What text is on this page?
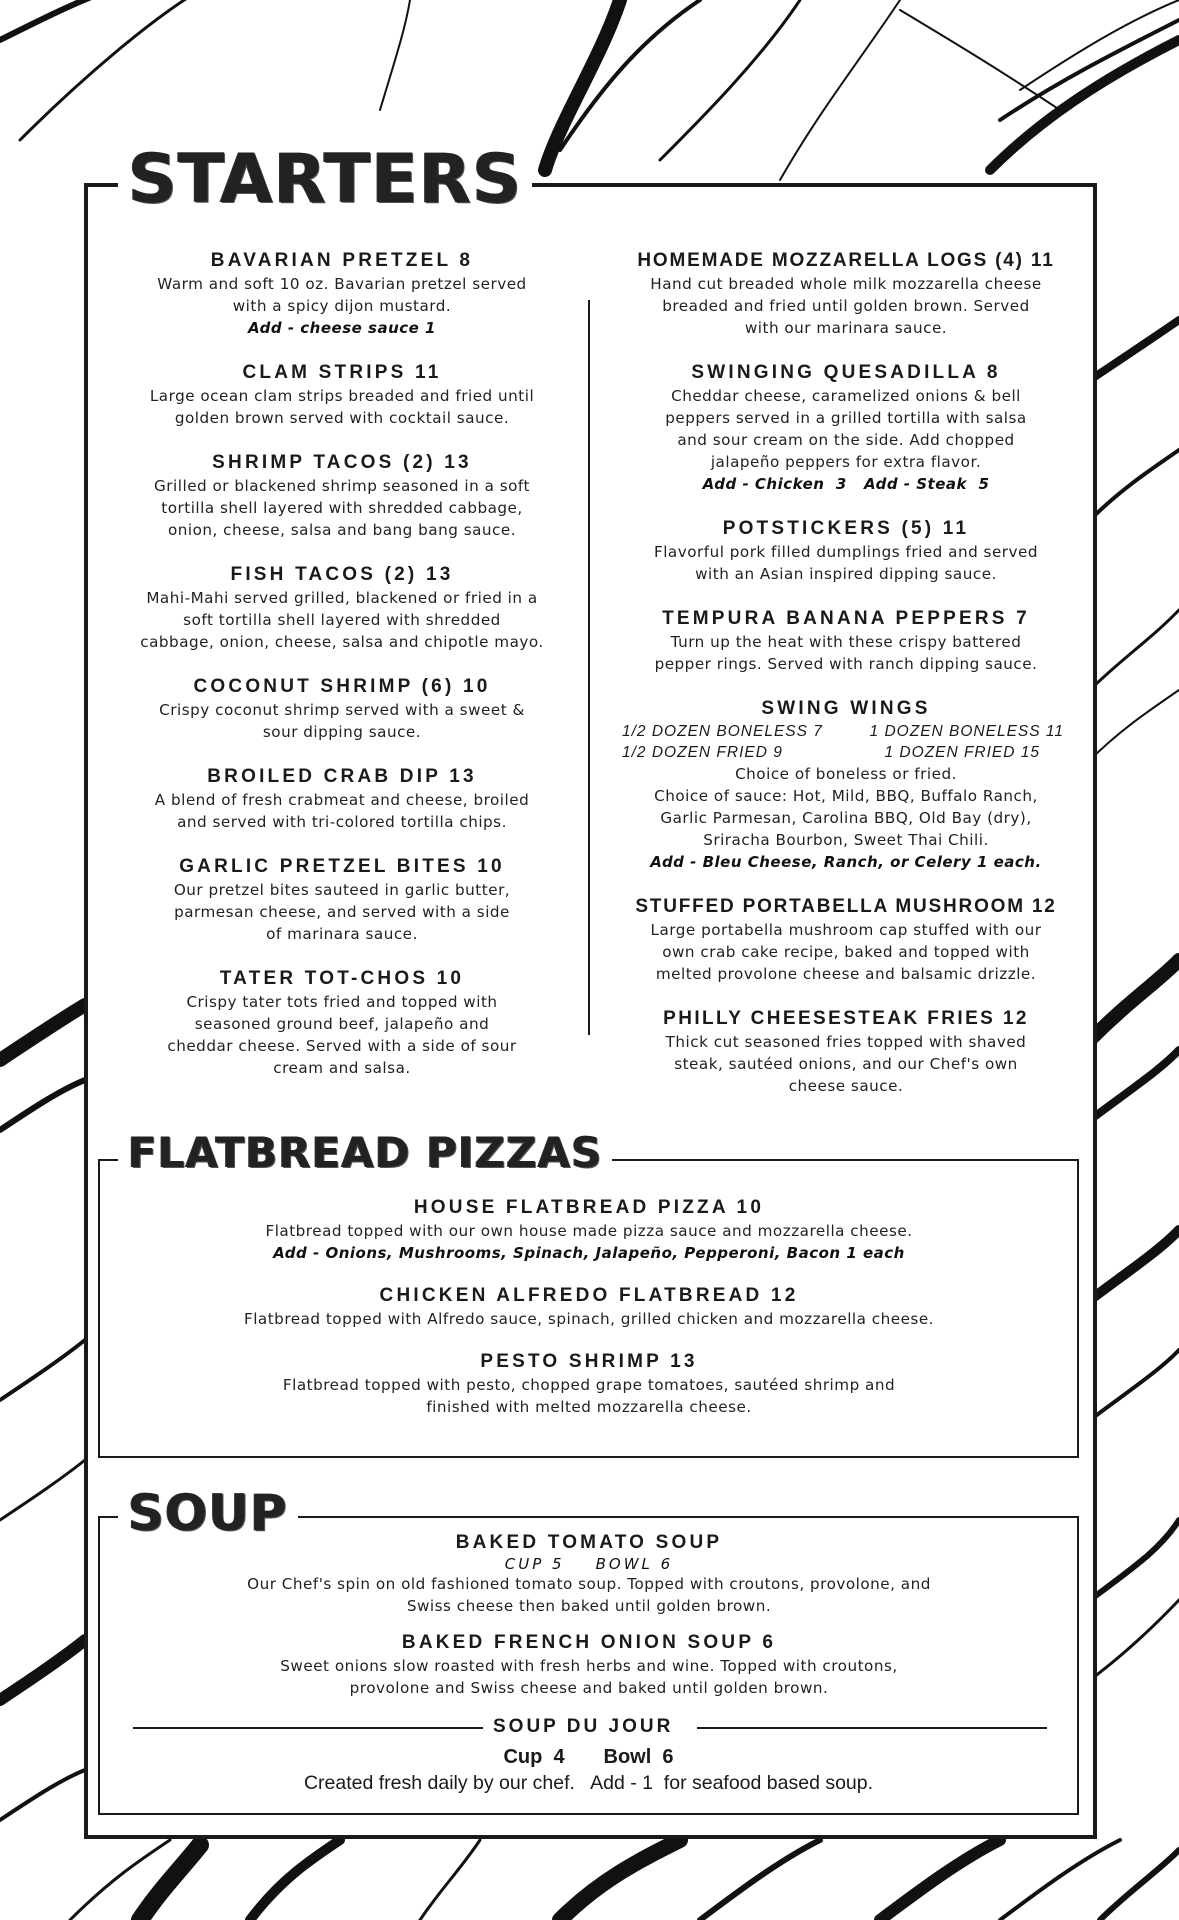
STARTERS
BAVARIAN PRETZEL 8
Warm and soft 10 oz. Bavarian pretzel served
with a spicy dijon mustard.
Add - cheese sauce 1
CLAM STRIPS 11
Large ocean clam strips breaded and fried until
golden brown served with cocktail sauce.
SHRIMP TACOS (2) 13
Grilled or blackened shrimp seasoned in a soft
tortilla shell layered with shredded cabbage,
onion, cheese, salsa and bang bang sauce.
FISH TACOS (2) 13
Mahi-Mahi served grilled, blackened or fried in a
soft tortilla shell layered with shredded
cabbage, onion, cheese, salsa and chipotle mayo.
COCONUT SHRIMP (6) 10
Crispy coconut shrimp served with a sweet &
sour dipping sauce.
BROILED CRAB DIP 13
A blend of fresh crabmeat and cheese, broiled
and served with tri-colored tortilla chips.
GARLIC PRETZEL BITES 10
Our pretzel bites sauteed in garlic butter,
parmesan cheese, and served with a side
of marinara sauce.
TATER TOT-CHOS 10
Crispy tater tots fried and topped with
seasoned ground beef, jalapeño and
cheddar cheese. Served with a side of sour
cream and salsa.
HOMEMADE MOZZARELLA LOGS (4) 11
Hand cut breaded whole milk mozzarella cheese
breaded and fried until golden brown. Served
with our marinara sauce.
SWINGING QUESADILLA 8
Cheddar cheese, caramelized onions & bell
peppers served in a grilled tortilla with salsa
and sour cream on the side. Add chopped
jalapeño peppers for extra flavor.
Add - Chicken  3   Add - Steak  5
POTSTICKERS (5) 11
Flavorful pork filled dumplings fried and served
with an Asian inspired dipping sauce.
TEMPURA BANANA PEPPERS 7
Turn up the heat with these crispy battered
pepper rings. Served with ranch dipping sauce.
SWING WINGS
1/2 DOZEN BONELESS 7	1 DOZEN BONELESS 11
1/2 DOZEN FRIED 9	1 DOZEN FRIED 15
Choice of boneless or fried.
Choice of sauce: Hot, Mild, BBQ, Buffalo Ranch,
Garlic Parmesan, Carolina BBQ, Old Bay (dry),
Sriracha Bourbon, Sweet Thai Chili.
Add - Bleu Cheese, Ranch, or Celery 1 each.
STUFFED PORTABELLA MUSHROOM 12
Large portabella mushroom cap stuffed with our
own crab cake recipe, baked and topped with
melted provolone cheese and balsamic drizzle.
PHILLY CHEESESTEAK FRIES 12
Thick cut seasoned fries topped with shaved
steak, sautéed onions, and our Chef's own
cheese sauce.
FLATBREAD PIZZAS
HOUSE FLATBREAD PIZZA 10
Flatbread topped with our own house made pizza sauce and mozzarella cheese.
Add - Onions, Mushrooms, Spinach, Jalapeño, Pepperoni, Bacon 1 each
CHICKEN ALFREDO FLATBREAD 12
Flatbread topped with Alfredo sauce, spinach, grilled chicken and mozzarella cheese.
PESTO SHRIMP 13
Flatbread topped with pesto, chopped grape tomatoes, sautéed shrimp and
finished with melted mozzarella cheese.
SOUP
BAKED TOMATO SOUP
CUP 5    BOWL 6
Our Chef's spin on old fashioned tomato soup. Topped with croutons, provolone, and
Swiss cheese then baked until golden brown.
BAKED FRENCH ONION SOUP 6
Sweet onions slow roasted with fresh herbs and wine. Topped with croutons,
provolone and Swiss cheese and baked until golden brown.
SOUP DU JOUR
Cup  4       Bowl  6
Created fresh daily by our chef.   Add - 1  for seafood based soup.
